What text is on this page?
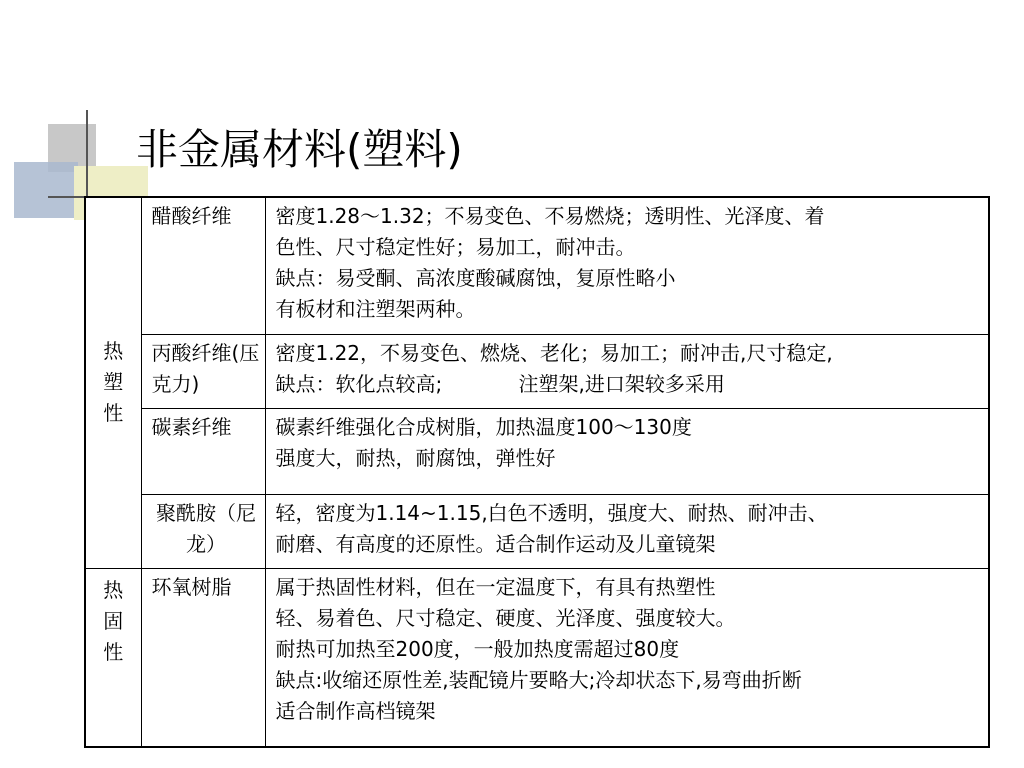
非金属材料(塑料)
热塑性	醋酸纤维	密度1.28～1.32；不易变色、不易燃烧；透明性、光泽度、着
色性、尺寸稳定性好；易加工，耐冲击。
缺点：易受酮、高浓度酸碱腐蚀，复原性略小
有板材和注塑架两种。

	丙酸纤维(压克力)	密度1.22，不易变色、燃烧、老化；易加工；耐冲击,尺寸稳定,
缺点：软化点较高;            注塑架,进口架较多采用

	碳素纤维	碳素纤维强化合成树脂，加热温度100～130度
强度大，耐热，耐腐蚀，弹性好

	聚酰胺（尼龙）	轻，密度为1.14~1.15,白色不透明，强度大、耐热、耐冲击、
耐磨、有高度的还原性。适合制作运动及儿童镜架

热固性	环氧树脂	属于热固性材料，但在一定温度下，有具有热塑性
轻、易着色、尺寸稳定、硬度、光泽度、强度较大。
耐热可加热至200度，一般加热度需超过80度
缺点:收缩还原性差,装配镜片要略大;冷却状态下,易弯曲折断
适合制作高档镜架
